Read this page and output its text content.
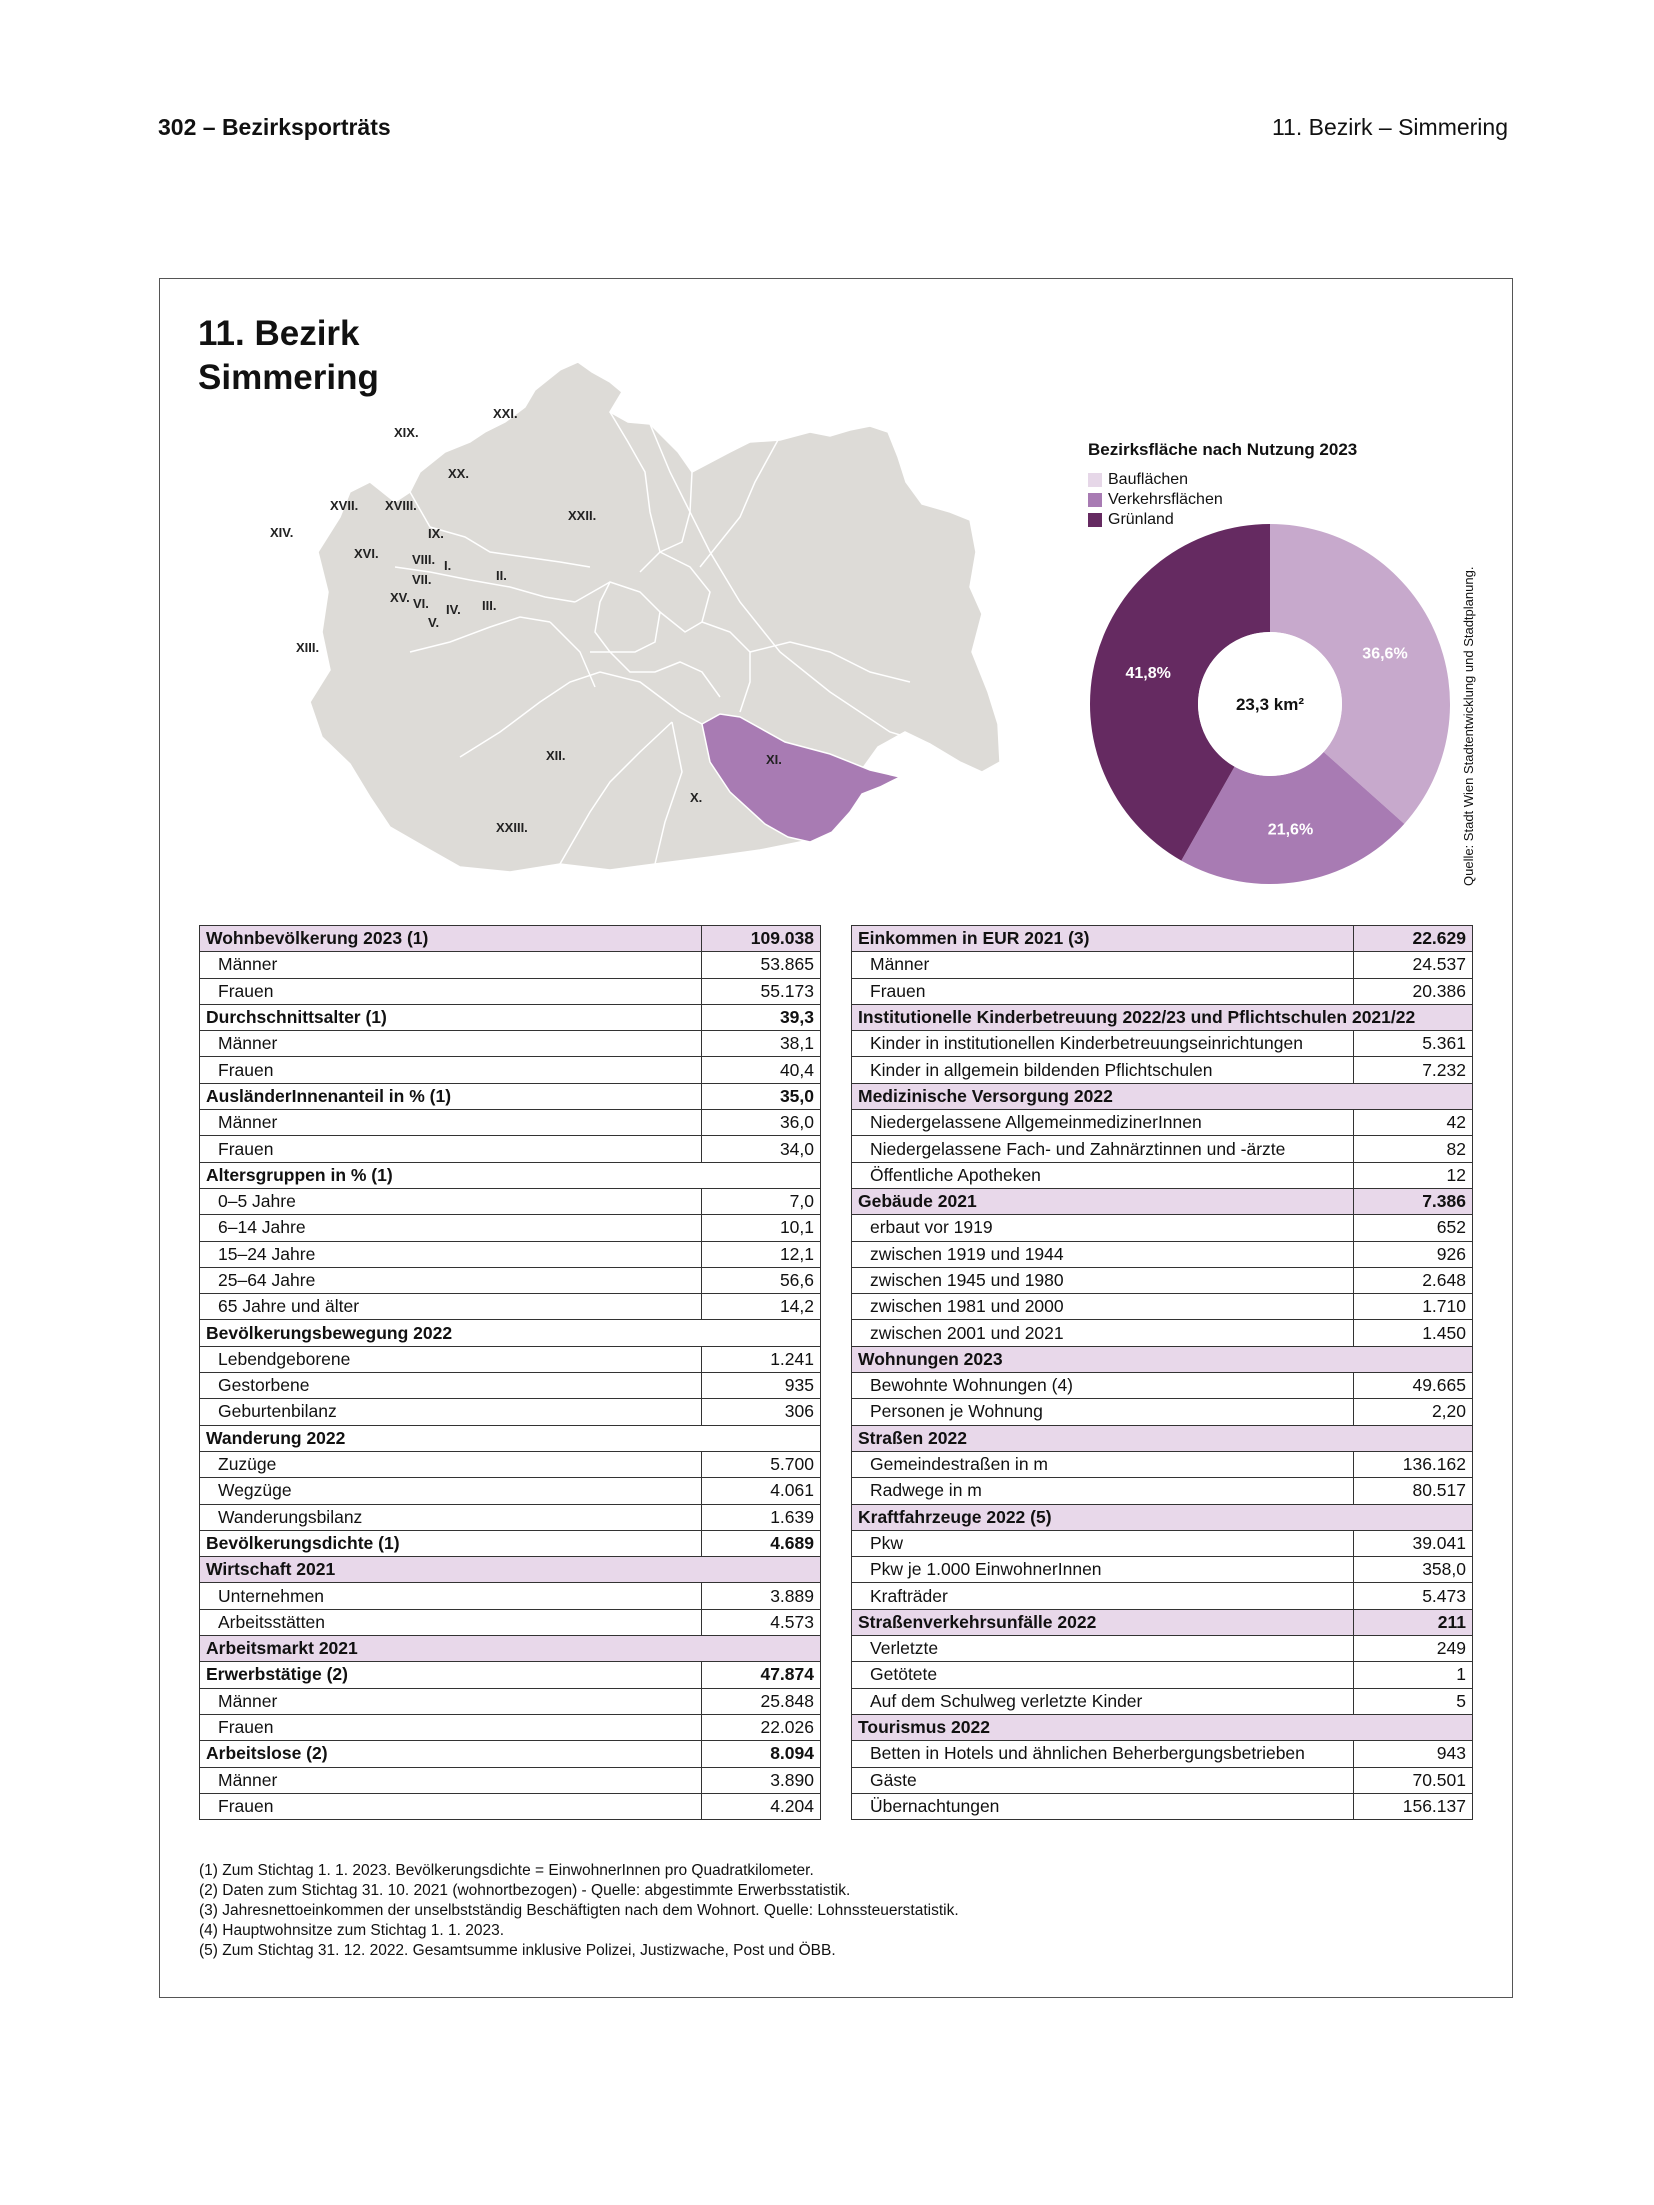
302 – Bezirksporträts	11. Bezirk – Simmering
11. Bezirk
Simmering
XXI.
XIX.
XX.
XVII. XVIII.
XXII.
XIV.	IX.
XVI.	VIII. I.
VII.	II.
XV. VI. IV. III.
V.
XIII.
XI.
XII.
X.
XXIII.
Bezirksfläche nach Nutzung 2023
Bauflächen
Verkehrsflächen
Grünland
23,3 km²
36,6%
21,6%
41,8%	Quelle: Stadt Wien Stadtentwicklung und Stadtplanung.
Wohnbevölkerung 2023 (1)	109.038
Männer	53.865
Frauen	55.173
Durchschnittsalter (1)	39,3
Männer	38,1
Frauen	40,4
AusländerInnenanteil in % (1)	35,0
Männer	36,0
Frauen	34,0
Altersgruppen in % (1)	
0–5 Jahre	7,0
6–14 Jahre	10,1
15–24 Jahre	12,1
25–64 Jahre	56,6
65 Jahre und älter	14,2
Bevölkerungsbewegung 2022	
Lebendgeborene	1.241
Gestorbene	935
Geburtenbilanz	306
Wanderung 2022	
Zuzüge	5.700
Wegzüge	4.061
Wanderungsbilanz	1.639
Bevölkerungsdichte (1)	4.689
Wirtschaft 2021	
Unternehmen	3.889
Arbeitsstätten	4.573
Arbeitsmarkt 2021	
Erwerbstätige (2)	47.874
Männer	25.848
Frauen	22.026
Arbeitslose (2)	8.094
Männer	3.890
Frauen	4.204
Einkommen in EUR 2021 (3)	22.629
Männer	24.537
Frauen	20.386
Institutionelle Kinderbetreuung 2022/23 und Pflichtschulen 2021/22	
Kinder in institutionellen Kinderbetreuungseinrichtungen	5.361
Kinder in allgemein bildenden Pflichtschulen	7.232
Medizinische Versorgung 2022	
Niedergelassene AllgemeinmedizinerInnen	42
Niedergelassene Fach- und Zahnärztinnen und -ärzte	82
Öffentliche Apotheken	12
Gebäude 2021	7.386
erbaut vor 1919	652
zwischen 1919 und 1944	926
zwischen 1945 und 1980	2.648
zwischen 1981 und 2000	1.710
zwischen 2001 und 2021	1.450
Wohnungen 2023	
Bewohnte Wohnungen (4)	49.665
Personen je Wohnung	2,20
Straßen 2022	
Gemeindestraßen in m	136.162
Radwege in m	80.517
Kraftfahrzeuge 2022 (5)	
Pkw	39.041
Pkw je 1.000 EinwohnerInnen	358,0
Krafträder	5.473
Straßenverkehrsunfälle 2022	211
Verletzte	249
Getötete	1
Auf dem Schulweg verletzte Kinder	5
Tourismus 2022	
Betten in Hotels und ähnlichen Beherbergungsbetrieben	943
Gäste	70.501
Übernachtungen	156.137
(1) Zum Stichtag 1. 1. 2023. Bevölkerungsdichte = EinwohnerInnen pro Quadratkilometer.
(2) Daten zum Stichtag 31. 10. 2021 (wohnortbezogen) - Quelle: abgestimmte Erwerbsstatistik.
(3) Jahresnettoeinkommen der unselbstständig Beschäftigten nach dem Wohnort. Quelle: Lohnssteuerstatistik.
(4) Hauptwohnsitze zum Stichtag 1. 1. 2023.
(5) Zum Stichtag 31. 12. 2022. Gesamtsumme inklusive Polizei, Justizwache, Post und ÖBB.
